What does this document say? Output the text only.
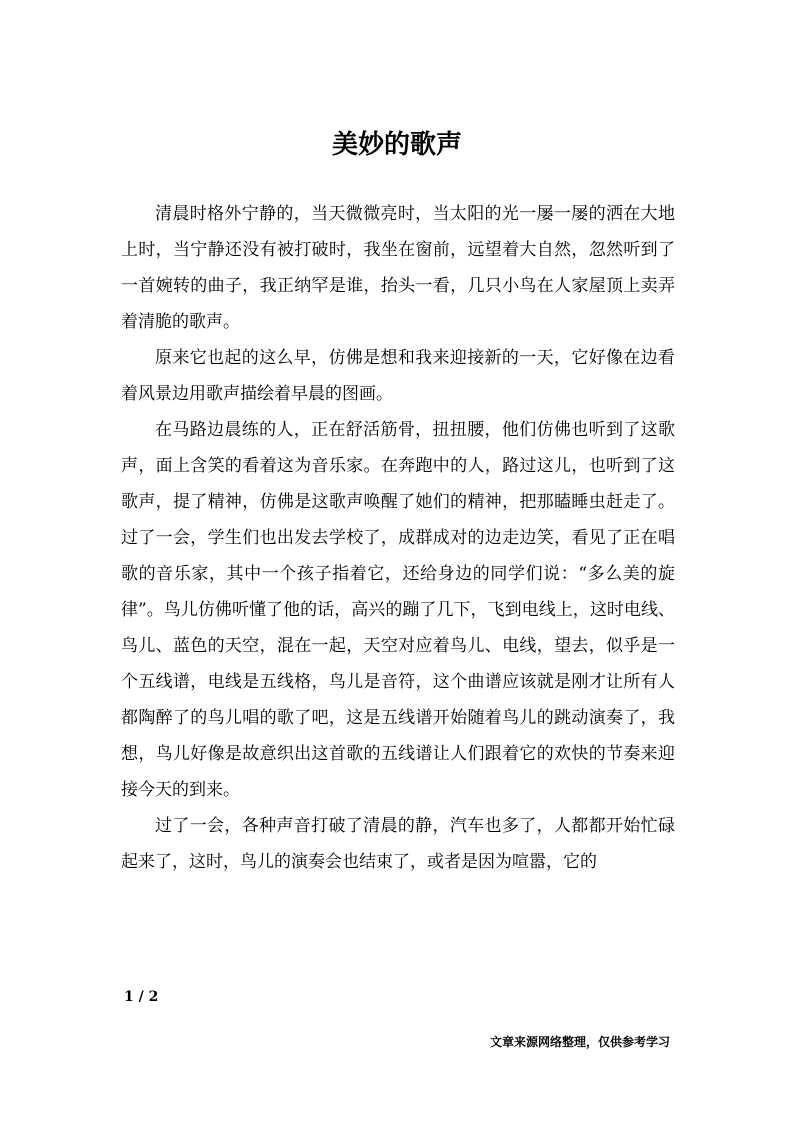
美妙的歌声

清晨时格外宁静的，当天微微亮时，当太阳的光一屡一屡的洒在大地上时，当宁静还没有被打破时，我坐在窗前，远望着大自然，忽然听到了一首婉转的曲子，我正纳罕是谁，抬头一看，几只小鸟在人家屋顶上卖弄着清脆的歌声。

原来它也起的这么早，仿佛是想和我来迎接新的一天，它好像在边看着风景边用歌声描绘着早晨的图画。

在马路边晨练的人，正在舒活筋骨，扭扭腰，他们仿佛也听到了这歌声，面上含笑的看着这为音乐家。在奔跑中的人，路过这儿，也听到了这歌声，提了精神，仿佛是这歌声唤醒了她们的精神，把那瞌睡虫赶走了。过了一会，学生们也出发去学校了，成群成对的边走边笑，看见了正在唱歌的音乐家，其中一个孩子指着它，还给身边的同学们说：“多么美的旋律”。鸟儿仿佛听懂了他的话，高兴的蹦了几下，飞到电线上，这时电线、鸟儿、蓝色的天空，混在一起，天空对应着鸟儿、电线，望去，似乎是一个五线谱，电线是五线格，鸟儿是音符，这个曲谱应该就是刚才让所有人都陶醉了的鸟儿唱的歌了吧，这是五线谱开始随着鸟儿的跳动演奏了，我想，鸟儿好像是故意织出这首歌的五线谱让人们跟着它的欢快的节奏来迎接今天的到来。

过了一会，各种声音打破了清晨的静，汽车也多了，人都都开始忙碌起来了，这时，鸟儿的演奏会也结束了，或者是因为喧嚣，它的

1 / 2
文章来源网络整理，仅供参考学习
